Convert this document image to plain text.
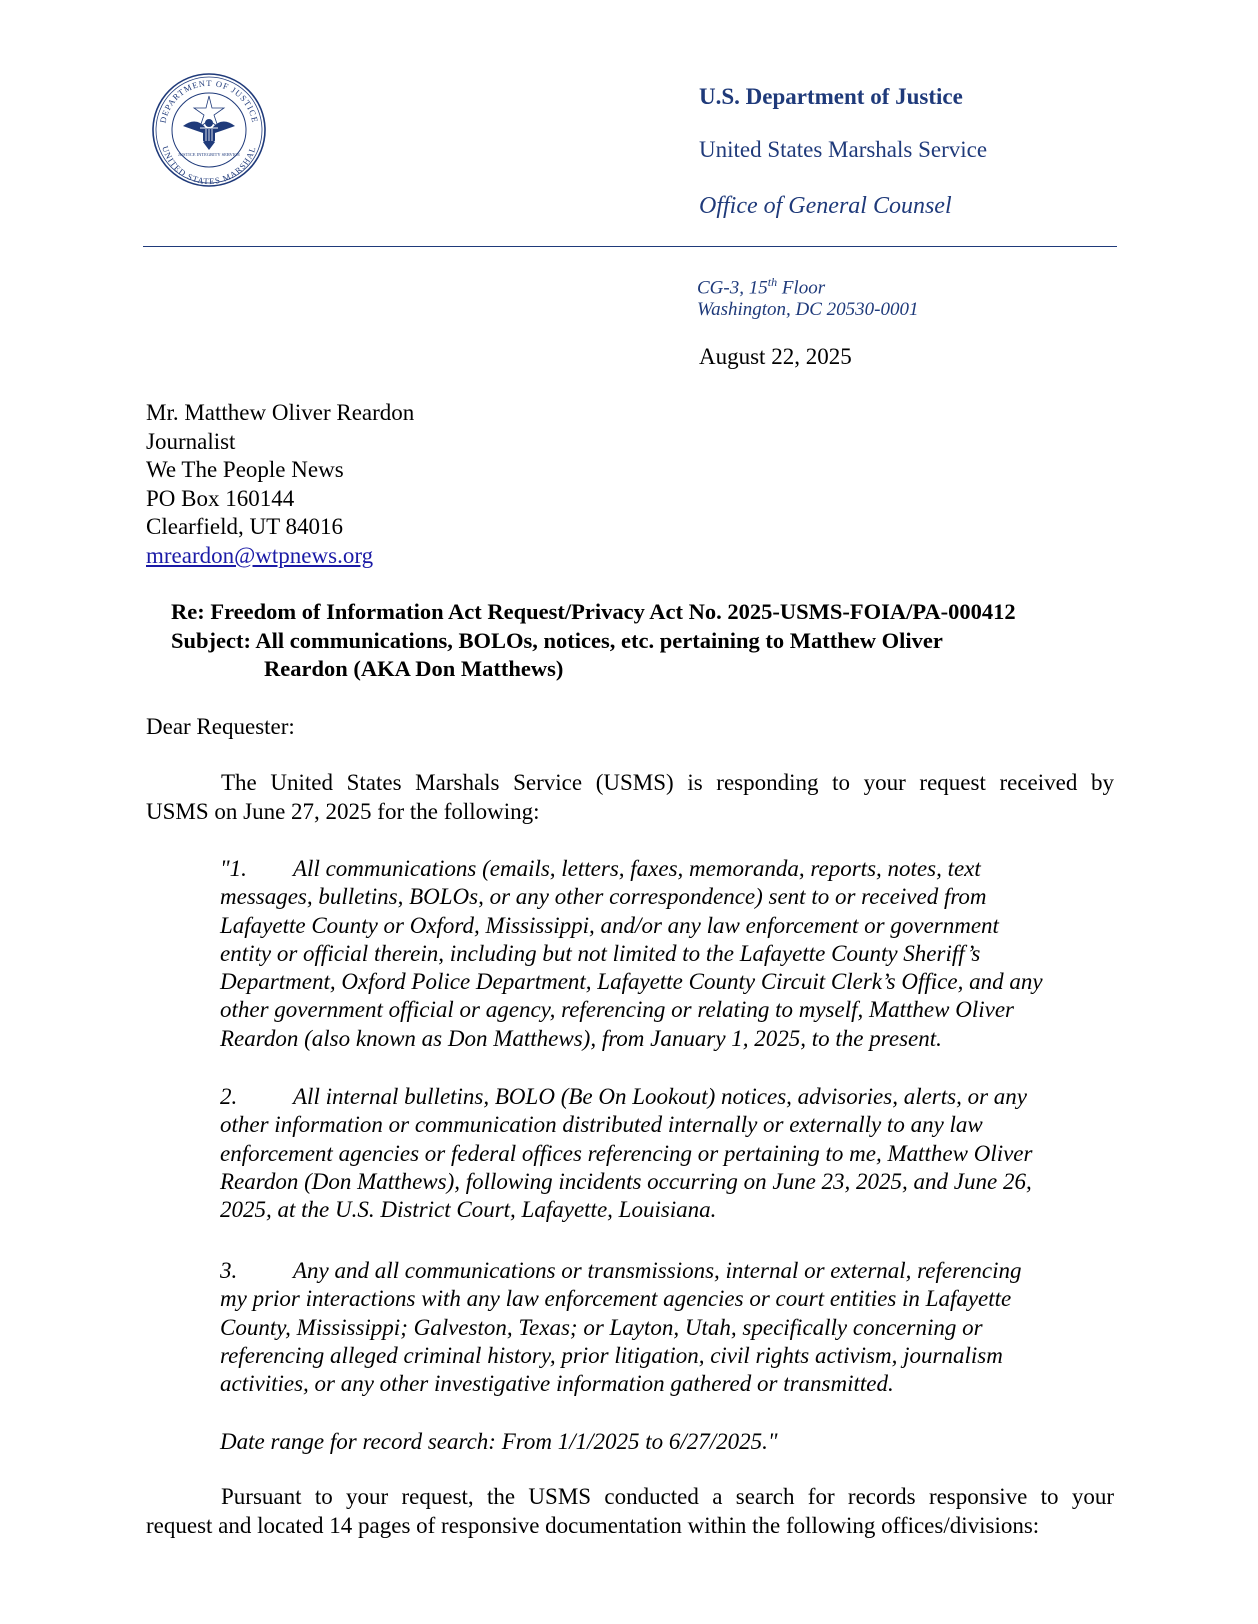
DEPARTMENT OF JUSTICE
UNITED STATES MARSHAL
JUSTICE INTEGRITY SERVICE
U.S. Department of Justice
United States Marshals Service
Office of General Counsel
CG-3, 15th Floor
Washington, DC 20530-0001
August 22, 2025
Mr. Matthew Oliver Reardon
Journalist
We The People News
PO Box 160144
Clearfield, UT 84016
mreardon@wtpnews.org
Re: Freedom of Information Act Request/Privacy Act No. 2025-USMS-FOIA/PA-000412
Subject: All communications, BOLOs, notices, etc. pertaining to Matthew Oliver
Reardon (AKA Don Matthews)
Dear Requester:
The United States Marshals Service (USMS) is responding to your request received by
USMS on June 27, 2025 for the following:
"1. All communications (emails, letters, faxes, memoranda, reports, notes, text
messages, bulletins, BOLOs, or any other correspondence) sent to or received from
Lafayette County or Oxford, Mississippi, and/or any law enforcement or government
entity or official therein, including but not limited to the Lafayette County Sheriff’s
Department, Oxford Police Department, Lafayette County Circuit Clerk’s Office, and any
other government official or agency, referencing or relating to myself, Matthew Oliver
Reardon (also known as Don Matthews), from January 1, 2025, to the present.
2. All internal bulletins, BOLO (Be On Lookout) notices, advisories, alerts, or any
other information or communication distributed internally or externally to any law
enforcement agencies or federal offices referencing or pertaining to me, Matthew Oliver
Reardon (Don Matthews), following incidents occurring on June 23, 2025, and June 26,
2025, at the U.S. District Court, Lafayette, Louisiana.
3. Any and all communications or transmissions, internal or external, referencing
my prior interactions with any law enforcement agencies or court entities in Lafayette
County, Mississippi; Galveston, Texas; or Layton, Utah, specifically concerning or
referencing alleged criminal history, prior litigation, civil rights activism, journalism
activities, or any other investigative information gathered or transmitted.
Date range for record search: From 1/1/2025 to 6/27/2025."
Pursuant to your request, the USMS conducted a search for records responsive to your
request and located 14 pages of responsive documentation within the following offices/divisions:
